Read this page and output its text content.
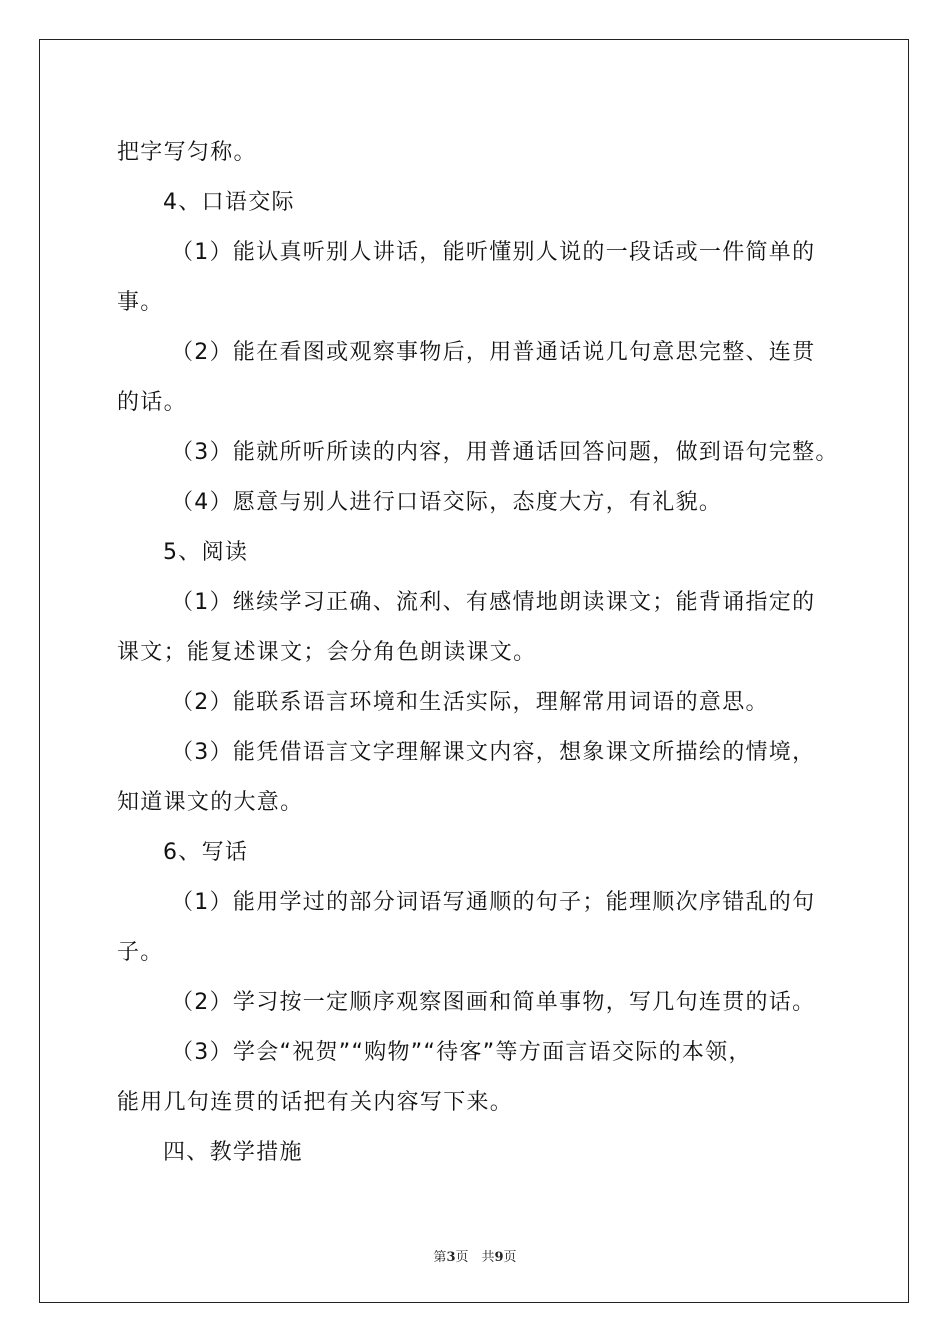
把字写匀称。
4、口语交际
（1）能认真听别人讲话，能听懂别人说的一段话或一件简单的
事。
（2）能在看图或观察事物后，用普通话说几句意思完整、连贯
的话。
（3）能就所听所读的内容，用普通话回答问题，做到语句完整。
（4）愿意与别人进行口语交际，态度大方，有礼貌。
5、阅读
（1）继续学习正确、流利、有感情地朗读课文；能背诵指定的
课文；能复述课文；会分角色朗读课文。
（2）能联系语言环境和生活实际，理解常用词语的意思。
（3）能凭借语言文字理解课文内容，想象课文所描绘的情境，
知道课文的大意。
6、写话
（1）能用学过的部分词语写通顺的句子；能理顺次序错乱的句
子。
（2）学习按一定顺序观察图画和简单事物，写几句连贯的话。
（3）学会“祝贺”“购物”“待客”等方面言语交际的本领，
能用几句连贯的话把有关内容写下来。
四、教学措施
第3页　共9页
